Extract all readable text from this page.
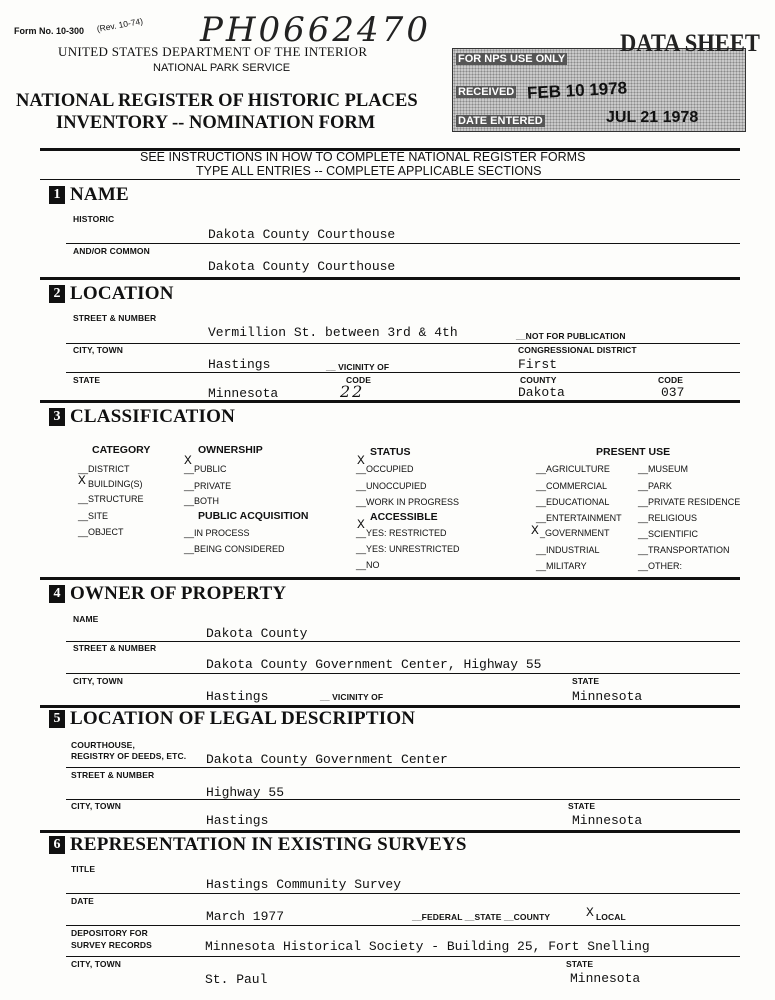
Form No. 10-300 (Rev. 10-74) PH0662470
UNITED STATES DEPARTMENT OF THE INTERIOR
NATIONAL PARK SERVICE
NATIONAL REGISTER OF HISTORIC PLACES
INVENTORY -- NOMINATION FORM
FOR NPS USE ONLY
RECEIVED FEB 10 1978
DATE ENTERED	JUL 21 1978
DATA SHEET
SEE INSTRUCTIONS IN HOW TO COMPLETE NATIONAL REGISTER FORMS
TYPE ALL ENTRIES -- COMPLETE APPLICABLE SECTIONS
1 NAME
HISTORIC
Dakota County Courthouse
AND/OR COMMON
Dakota County Courthouse
2 LOCATION
STREET & NUMBER
Vermillion St. between 3rd & 4th	__NOT FOR PUBLICATION
CITY, TOWN	CONGRESSIONAL DISTRICT
Hastings	__ VICINITY OF	First
STATE	CODE	COUNTY	CODE
Minnesota	22	Dakota	037
3 CLASSIFICATION
CATEGORY
__DISTRICT
X BUILDING(S)
__STRUCTURE
__SITE
__OBJECT
OWNERSHIP
X
__PUBLIC
__PRIVATE
__BOTH
PUBLIC ACQUISITION
__IN PROCESS
__BEING CONSIDERED
STATUS
X
__OCCUPIED
__UNOCCUPIED
__WORK IN PROGRESS
ACCESSIBLE
X
__YES: RESTRICTED
__YES: UNRESTRICTED
__NO
PRESENT USE
__AGRICULTURE
__COMMERCIAL
__EDUCATIONAL
__ENTERTAINMENT
X _GOVERNMENT
__INDUSTRIAL
__MILITARY
__MUSEUM
__PARK
__PRIVATE RESIDENCE
__RELIGIOUS
__SCIENTIFIC
__TRANSPORTATION
__OTHER:
4 OWNER OF PROPERTY
NAME
Dakota County
STREET & NUMBER
Dakota County Government Center, Highway 55
CITY, TOWN	STATE
Hastings	__ VICINITY OF	Minnesota
5 LOCATION OF LEGAL DESCRIPTION
COURTHOUSE,
REGISTRY OF DEEDS, ETC. Dakota County Government Center
STREET & NUMBER
Highway 55
CITY, TOWN	STATE
Hastings	Minnesota
6 REPRESENTATION IN EXISTING SURVEYS
TITLE
Hastings Community Survey
DATE
March 1977	__FEDERAL __STATE __COUNTY	X LOCAL
DEPOSITORY FOR
SURVEY RECORDS	Minnesota Historical Society - Building 25, Fort Snelling
CITY, TOWN	STATE
St. Paul	Minnesota
